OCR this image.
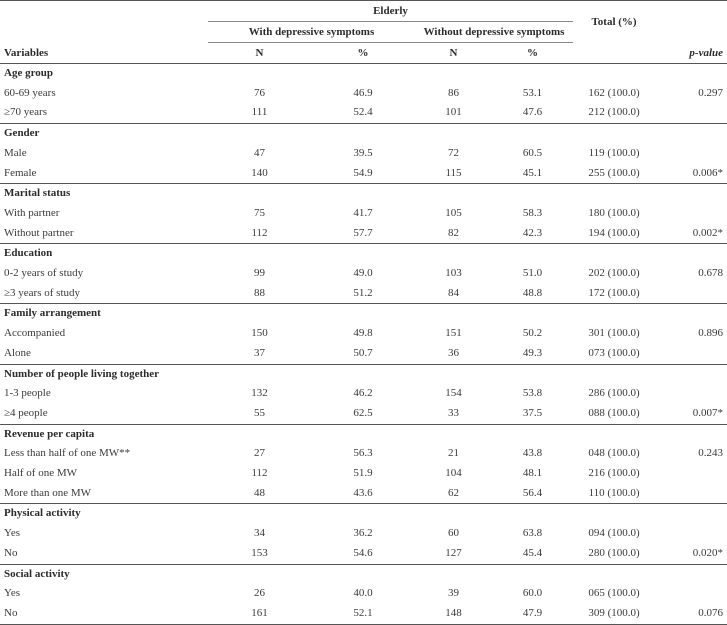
	Elderly				Total (%)	
	With depressive symptoms		Without depressive symptoms			
Variables	N	%	N	%		p-value
Age group						
60-69 years	76	46.9	86	53.1	162 (100.0)	0.297
≥70 years	111	52.4	101	47.6	212 (100.0)	
Gender						
Male	47	39.5	72	60.5	119 (100.0)	
Female	140	54.9	115	45.1	255 (100.0)	0.006*
Marital status						
With partner	75	41.7	105	58.3	180 (100.0)	
Without partner	112	57.7	82	42.3	194 (100.0)	0.002*
Education						
0-2 years of study	99	49.0	103	51.0	202 (100.0)	0.678
≥3 years of study	88	51.2	84	48.8	172 (100.0)	
Family arrangement						
Accompanied	150	49.8	151	50.2	301 (100.0)	0.896
Alone	37	50.7	36	49.3	073 (100.0)	
Number of people living together						
1-3 people	132	46.2	154	53.8	286 (100.0)	
≥4 people	55	62.5	33	37.5	088 (100.0)	0.007*
Revenue per capita						
Less than half of one MW**	27	56.3	21	43.8	048 (100.0)	0.243
Half of one MW	112	51.9	104	48.1	216 (100.0)	
More than one MW	48	43.6	62	56.4	110 (100.0)	
Physical activity						
Yes	34	36.2	60	63.8	094 (100.0)	
No	153	54.6	127	45.4	280 (100.0)	0.020*
Social activity						
Yes	26	40.0	39	60.0	065 (100.0)	
No	161	52.1	148	47.9	309 (100.0)	0.076
